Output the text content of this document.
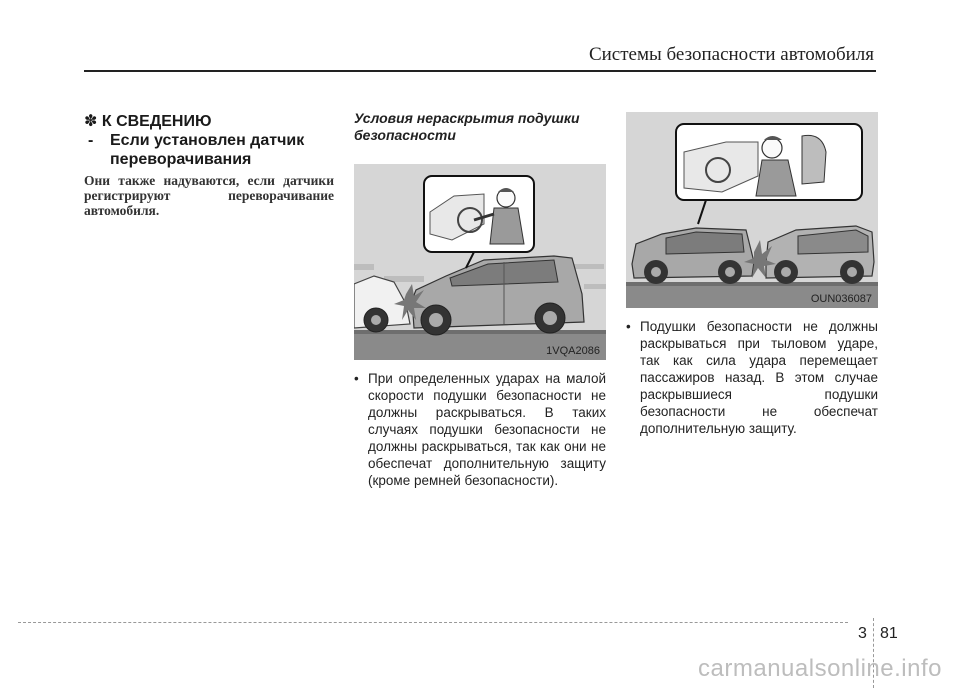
Системы безопасности автомобиля
✽ К СВЕДЕНИЮ
-	Если установлен датчик переворачивания
Они также надуваются, если датчики регистрируют переворачивание автомобиля.
Условия нераскрытия подушки безопасности
1VQA2086
• При определенных ударах на малой скорости подушки безопасности не должны раскрываться. В таких случаях подушки безопасности не должны раскрываться, так как они не обеспечат дополнительную защиту (кроме ремней безопасности).
OUN036087
• Подушки безопасности не должны раскрываться при тыловом ударе, так как сила удара перемещает пассажиров назад. В этом случае раскрывшиеся подушки безопасности не обеспечат дополнительную защиту.
3 81
carmanualsonline.info
